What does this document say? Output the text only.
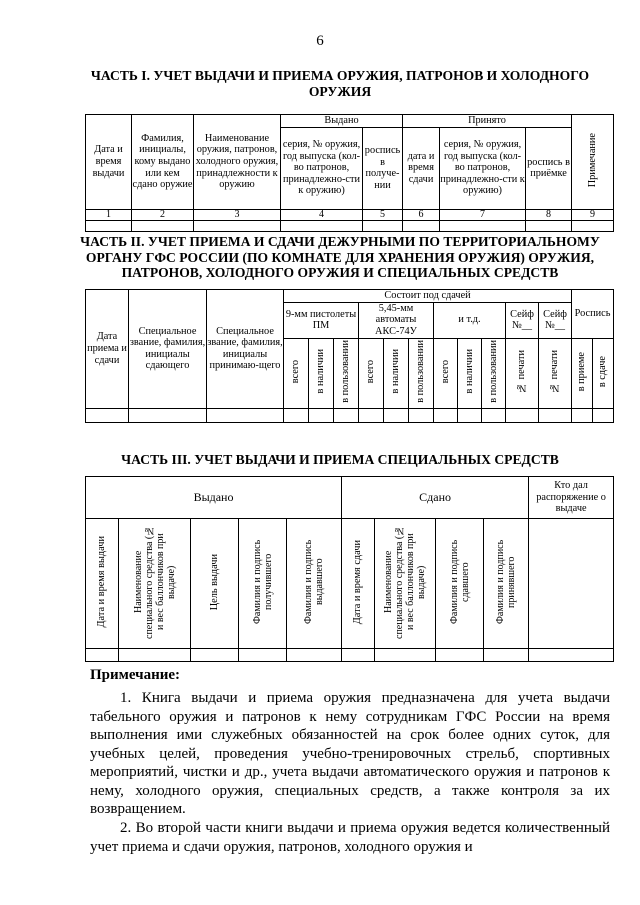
6
ЧАСТЬ I. УЧЕТ ВЫДАЧИ И ПРИЕМА ОРУЖИЯ, ПАТРОНОВ И ХОЛОДНОГО ОРУЖИЯ
Дата и время выдачи	Фамилия, инициалы, кому выдано или кем сдано оружие	Наименование оружия, патронов, холодного оружия, принадлежности к оружию	Выдано		Принято			Примечание
			серия, № оружия, год выпуска (кол-во патронов, принадлежно-сти к оружию)	роспись в получе-нии	дата и время сдачи	серия, № оружия, год выпуска (кол-во патронов, принадлежно-сти к оружию)	роспись в приёмке	
1	2	3	4	5	6	7	8	9

ЧАСТЬ II. УЧЕТ ПРИЕМА И СДАЧИ ДЕЖУРНЫМИ ПО ТЕРРИТОРИАЛЬНОМУ ОРГАНУ ГФС РОССИИ (ПО КОМНАТЕ ДЛЯ ХРАНЕНИЯ ОРУЖИЯ) ОРУЖИЯ, ПАТРОНОВ, ХОЛОДНОГО ОРУЖИЯ И СПЕЦИАЛЬНЫХ СРЕДСТВ
Дата приема и сдачи	Специальное звание, фамилия, инициалы сдающего	Специальное звание, фамилия, инициалы принимаю-щего	Состоит под сдачей											Роспись	
			9-мм пистолеты ПМ			5,45-мм автоматы АКС-74У			и т.д.			Сейф №__	Сейф №__		
			всего	в наличии	в пользовании	всего	в наличии	в пользовании	всего	в наличии	в пользовании	№ печати	№ печати	в приеме	в сдаче

ЧАСТЬ III. УЧЕТ ВЫДАЧИ И ПРИЕМА СПЕЦИАЛЬНЫХ СРЕДСТВ
Выдано					Сдано				Кто дал распоряжение о выдаче
Дата и время выдачи	Наименование специального средства (№ и вес баллончиков при выдаче)	Цель выдачи	Фамилия и подпись получившего	Фамилия и подпись выдавшего	Дата и время сдачи	Наименование специального средства (№ и вес баллончиков при выдаче)	Фамилия и подпись сдавшего	Фамилия и подпись принявшего	

Примечание:
1. Книга выдачи и приема оружия предназначена для учета выдачи табельного оружия и патронов к нему сотрудникам ГФС России на время выполнения ими служебных обязанностей на срок более одних суток, для учебных целей, проведения учебно-тренировочных стрельб, спортивных мероприятий, чистки и др., учета выдачи автоматического оружия и патронов к нему, холодного оружия, специальных средств, а также контроля за их возвращением.
2. Во второй части книги выдачи и приема оружия ведется количественный учет приема и сдачи оружия, патронов, холодного оружия и
